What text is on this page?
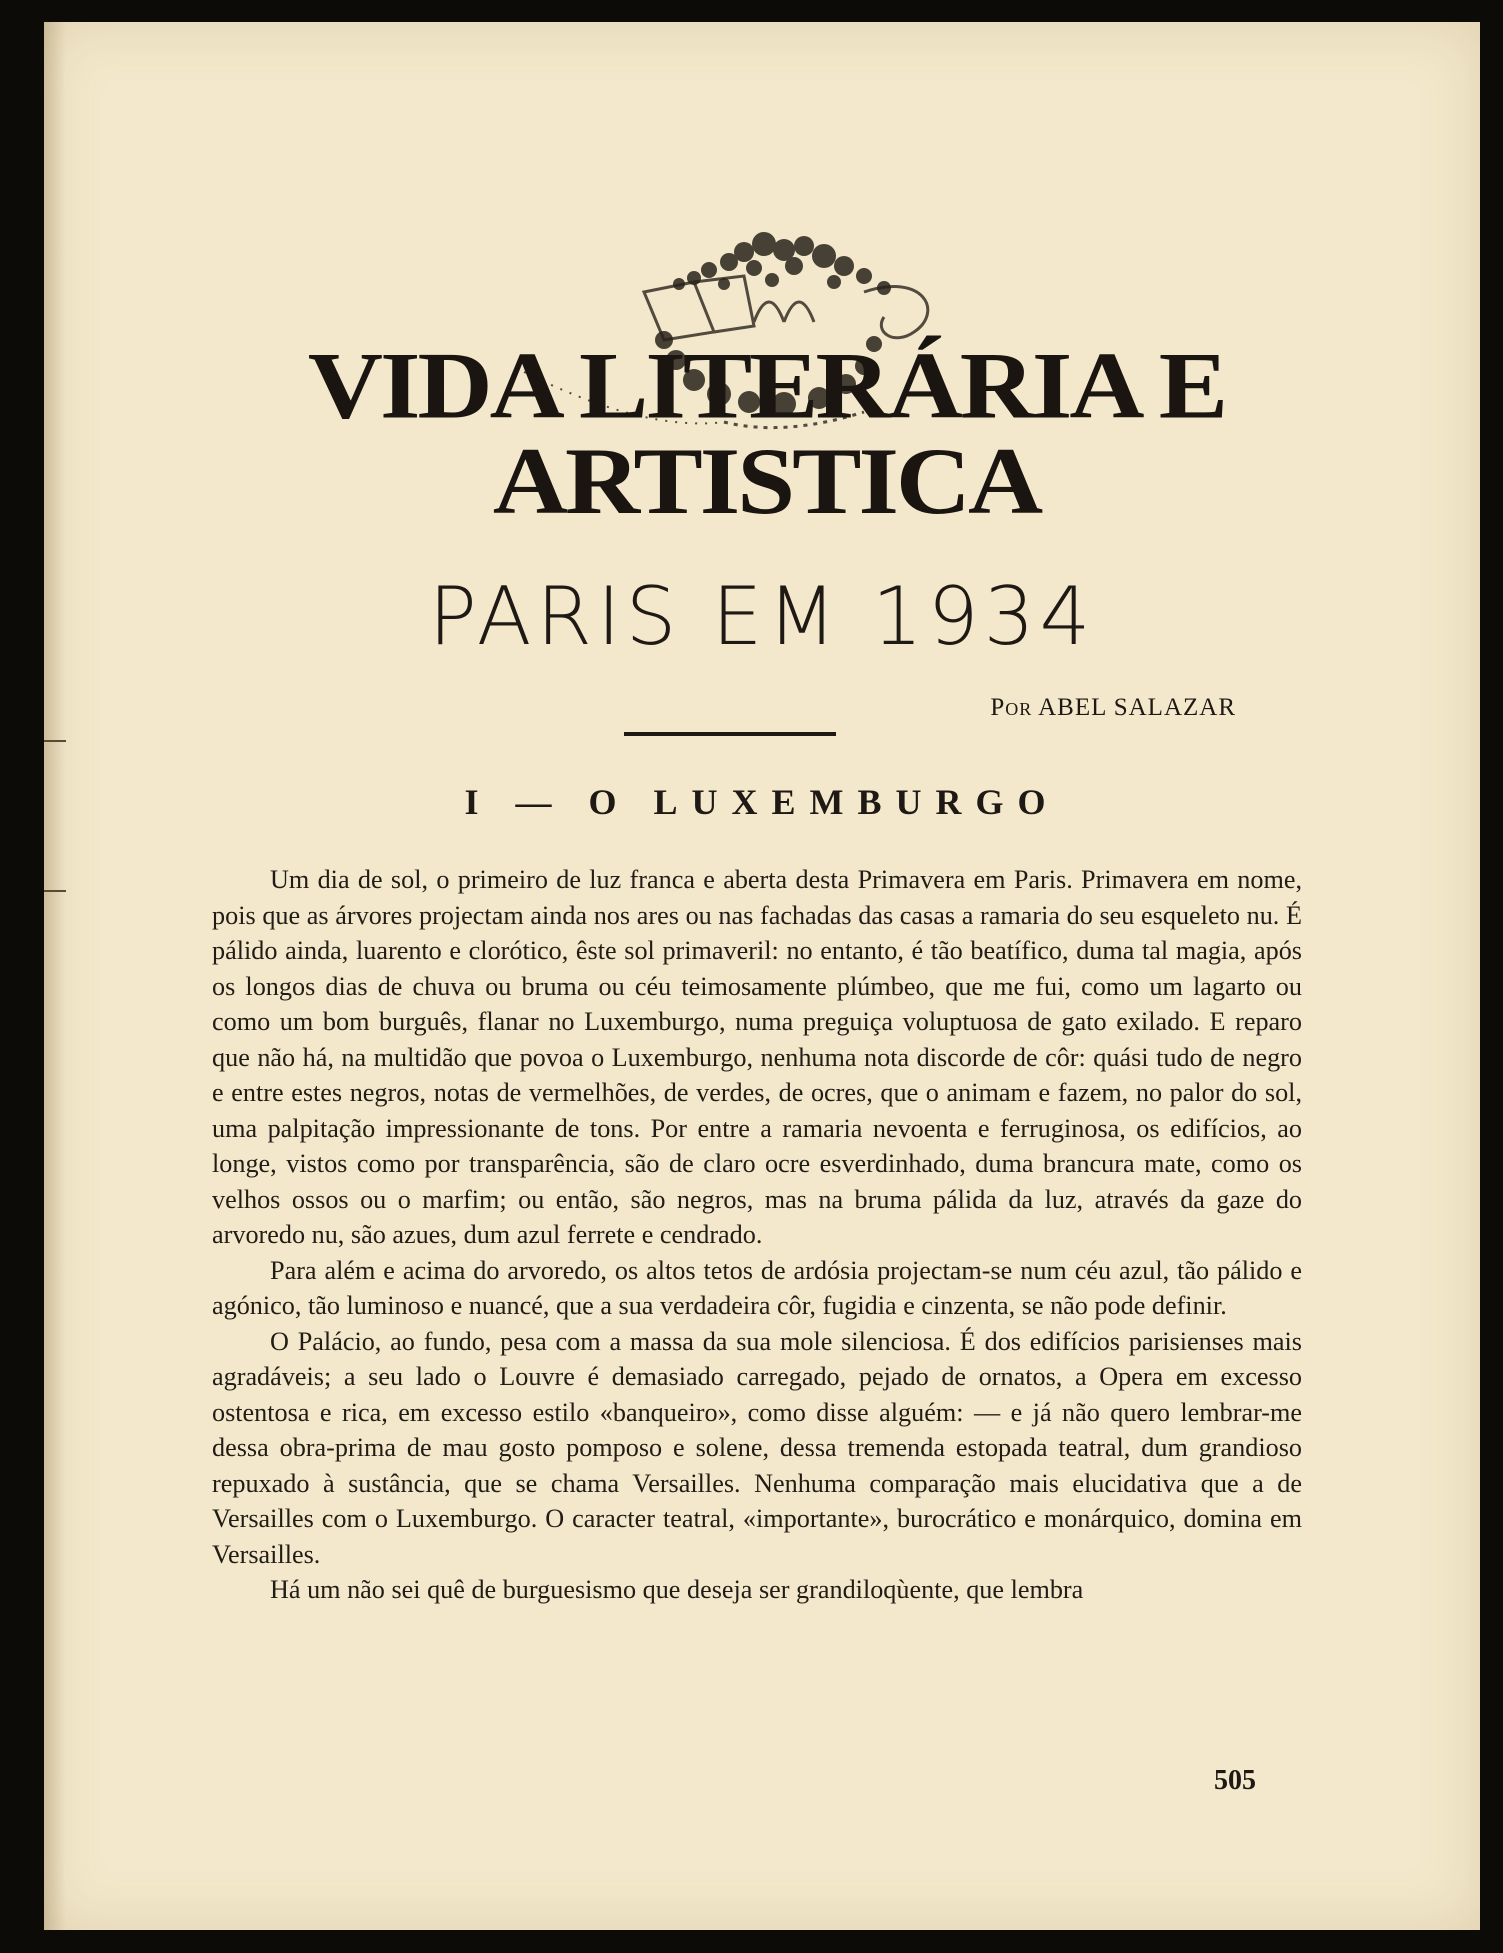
VIDA LITERÁRIA E ARTISTICA
PARIS EM 1934
Por ABEL SALAZAR
I — O LUXEMBURGO

Um dia de sol, o primeiro de luz franca e aberta desta Primavera em Paris. Primavera em nome, pois que as árvores projectam ainda nos ares ou nas fachadas das casas a ramaria do seu esqueleto nu. É pálido ainda, luarento e clorótico, êste sol primaveril: no entanto, é tão beatífico, duma tal magia, após os longos dias de chuva ou bruma ou céu teimosamente plúmbeo, que me fui, como um lagarto ou como um bom burguês, flanar no Luxemburgo, numa preguiça voluptuosa de gato exilado. E reparo que não há, na multidão que povoa o Luxemburgo, nenhuma nota discorde de côr: quási tudo de negro e entre estes negros, notas de vermelhões, de verdes, de ocres, que o animam e fazem, no palor do sol, uma palpitação impressionante de tons. Por entre a ramaria nevoenta e ferruginosa, os edifícios, ao longe, vistos como por transparência, são de claro ocre esverdinhado, duma brancura mate, como os velhos ossos ou o marfim; ou então, são negros, mas na bruma pálida da luz, através da gaze do arvoredo nu, são azues, dum azul ferrete e cendrado.

Para além e acima do arvoredo, os altos tetos de ardósia projectam-se num céu azul, tão pálido e agónico, tão luminoso e nuancé, que a sua verdadeira côr, fugidia e cinzenta, se não pode definir.

O Palácio, ao fundo, pesa com a massa da sua mole silenciosa. É dos edifícios parisienses mais agradáveis; a seu lado o Louvre é demasiado carregado, pejado de ornatos, a Opera em excesso ostentosa e rica, em excesso estilo «banqueiro», como disse alguém: — e já não quero lembrar-me dessa obra-prima de mau gosto pomposo e solene, dessa tremenda estopada teatral, dum grandioso repuxado à sustância, que se chama Versailles. Nenhuma comparação mais elucidativa que a de Versailles com o Luxemburgo. O caracter teatral, «importante», burocrático e monárquico, domina em Versailles.

Há um não sei quê de burguesismo que deseja ser grandiloqùente, que lembra

505
